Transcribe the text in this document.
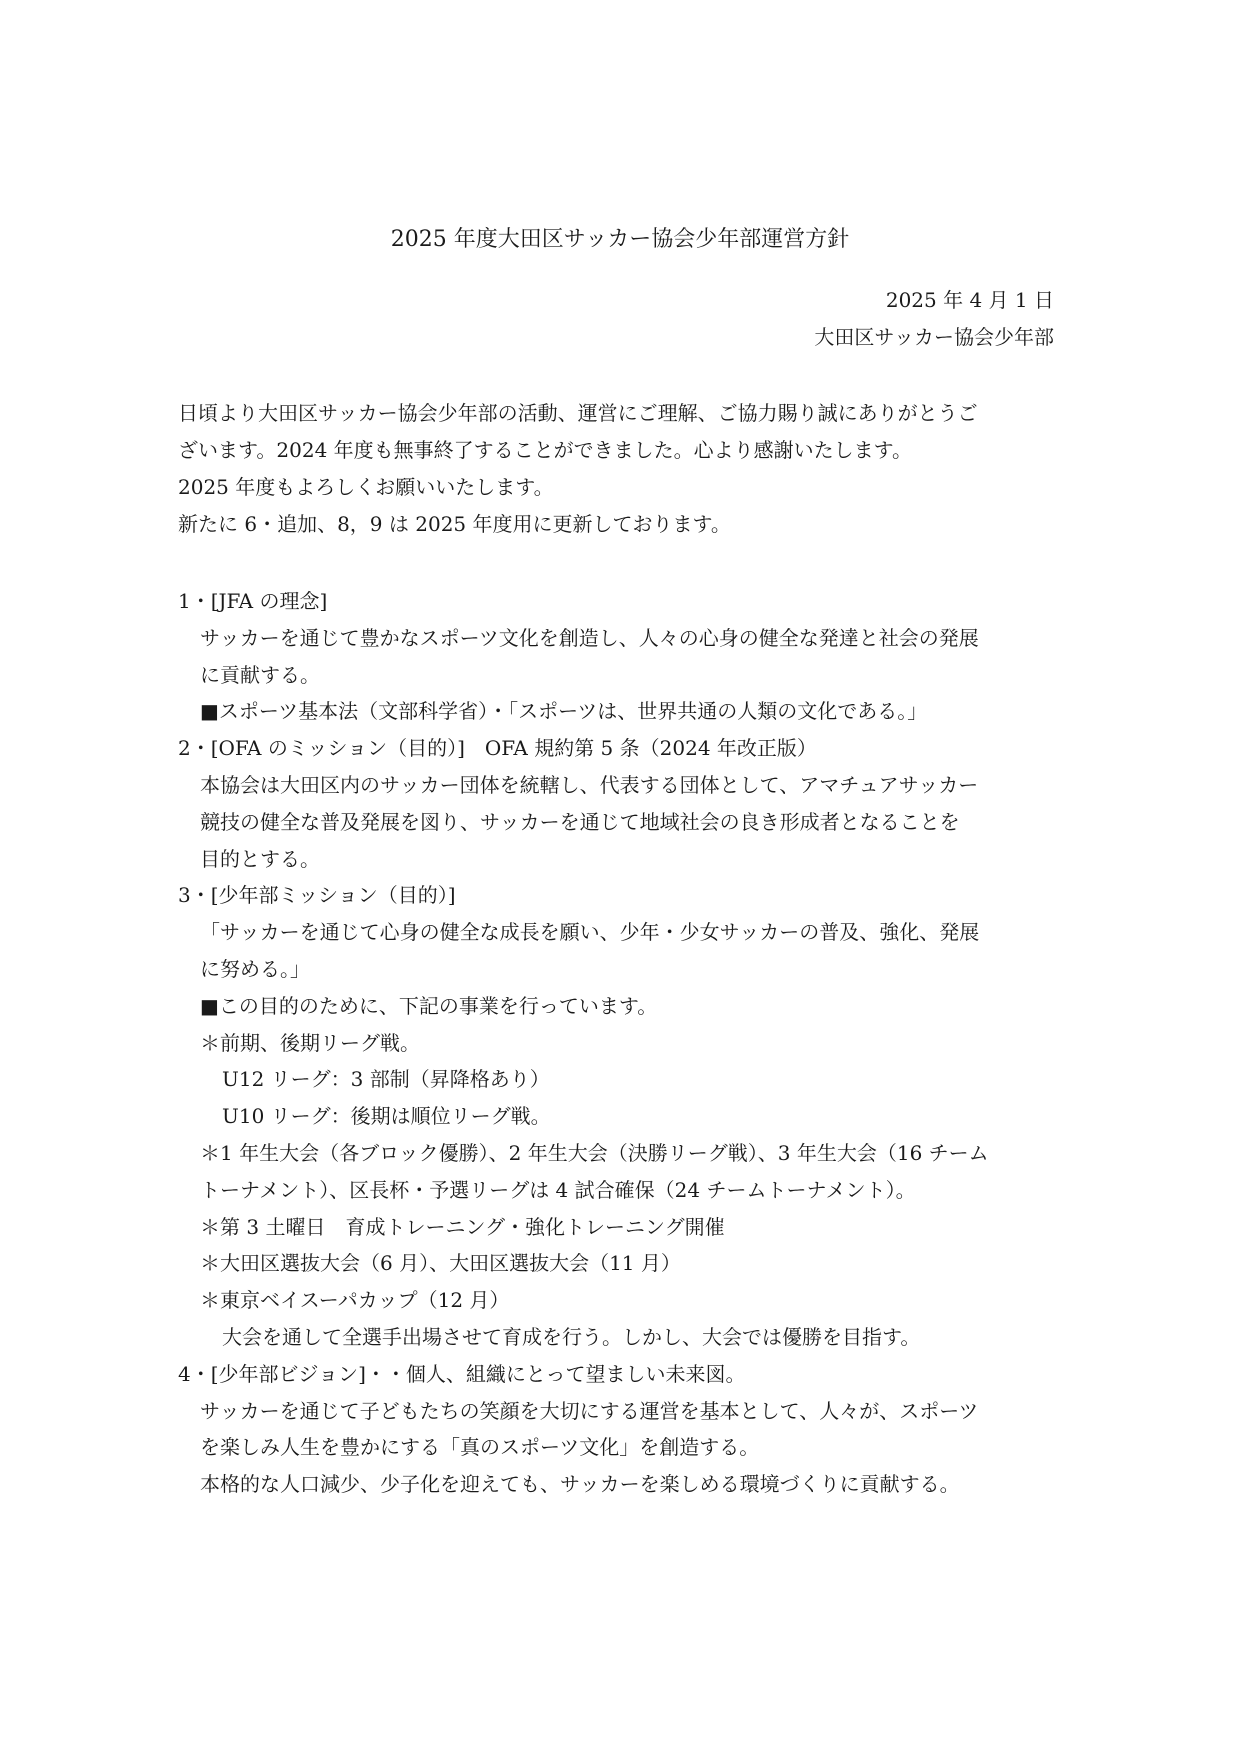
2025 年度大田区サッカー協会少年部運営方針
2025 年 4 月 1 日
大田区サッカー協会少年部

日頃より大田区サッカー協会少年部の活動、運営にご理解、ご協力賜り誠にありがとうご

ざいます。2024 年度も無事終了することができました。心より感謝いたします。

2025 年度もよろしくお願いいたします。

新たに 6・追加、8，9 は 2025 年度用に更新しております。

1・[JFA の理念]

サッカーを通じて豊かなスポーツ文化を創造し、人々の心身の健全な発達と社会の発展

に貢献する。

■スポーツ基本法（文部科学省）・「スポーツは、世界共通の人類の文化である。」

2・[OFA のミッション（目的）]　OFA 規約第 5 条（2024 年改正版）

本協会は大田区内のサッカー団体を統轄し、代表する団体として、アマチュアサッカー

競技の健全な普及発展を図り、サッカーを通じて地域社会の良き形成者となることを

目的とする。

3・[少年部ミッション（目的）]

「サッカーを通じて心身の健全な成長を願い、少年・少女サッカーの普及、強化、発展

に努める。」

■この目的のために、下記の事業を行っています。

＊前期、後期リーグ戦。

U12 リーグ：3 部制（昇降格あり）

U10 リーグ：後期は順位リーグ戦。

＊1 年生大会（各ブロック優勝）、2 年生大会（決勝リーグ戦）、3 年生大会（16 チーム

トーナメント）、区長杯・予選リーグは 4 試合確保（24 チームトーナメント）。

＊第 3 土曜日　育成トレーニング・強化トレーニング開催

＊大田区選抜大会（6 月）、大田区選抜大会（11 月）

＊東京ベイスーパカップ（12 月）

大会を通して全選手出場させて育成を行う。しかし、大会では優勝を目指す。

4・[少年部ビジョン]・・個人、組織にとって望ましい未来図。

サッカーを通じて子どもたちの笑顔を大切にする運営を基本として、人々が、スポーツ

を楽しみ人生を豊かにする「真のスポーツ文化」を創造する。

本格的な人口減少、少子化を迎えても、サッカーを楽しめる環境づくりに貢献する。
